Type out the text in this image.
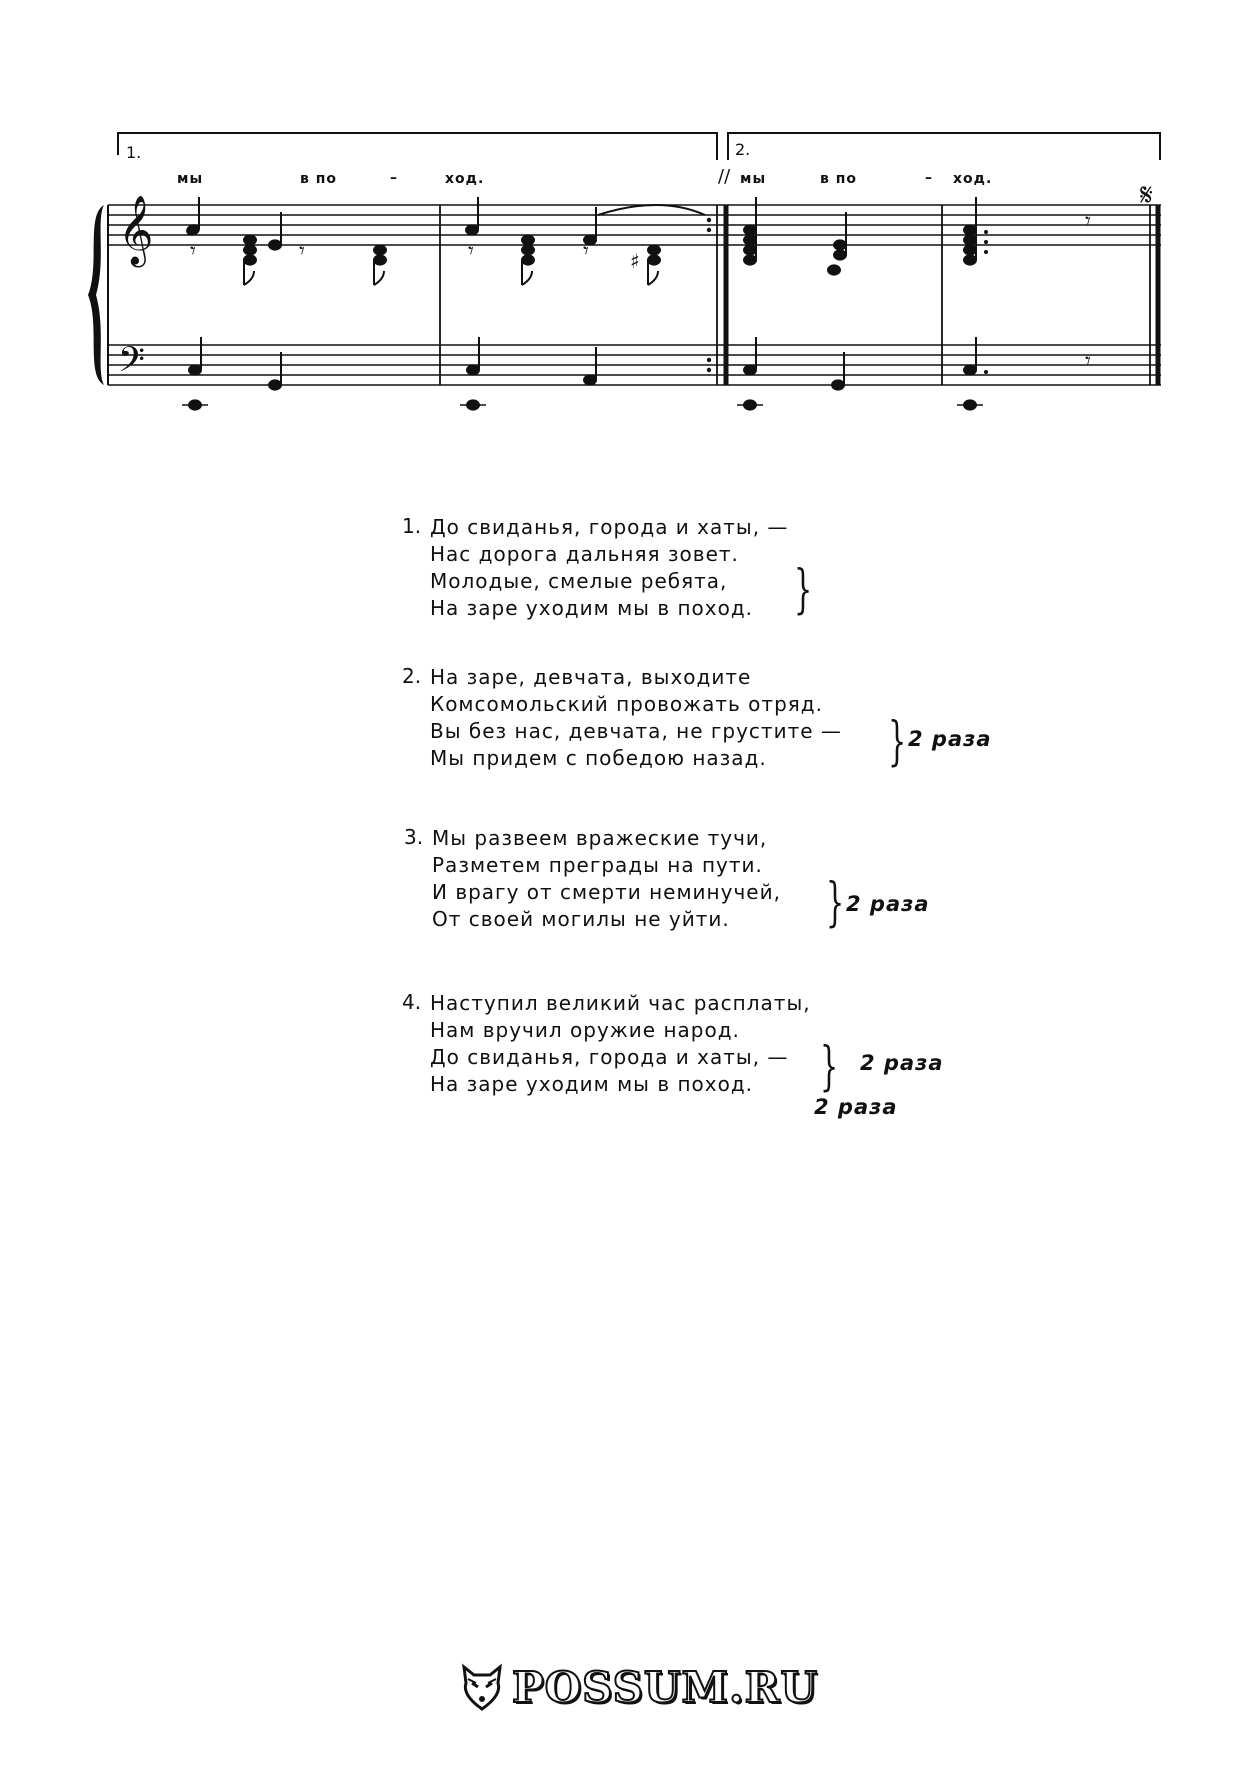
𝄞
𝄢
𝄾	𝄾	𝄾	𝄾 ♯
𝄾
𝄾
//
1.	2.
𝄋
мы	в по	–	ход.	мы	в по	– ход.
1. До свиданья, города и хаты, —
Нас дорога дальняя зовет.
Молодые, смелые ребята,
На заре уходим мы в поход. }
2 раза
2. На заре, девчата, выходите
Комсомольский провожать отряд.
Вы без нас, девчата, не грустите —
Мы придем с победою назад.	} 2 раза
3. Мы развеем вражеские тучи,
Разметем преграды на пути.
И врагу от смерти неминучей,
От своей могилы не уйти.	} 2 раза
4. Наступил великий час расплаты,
Нам вручил оружие народ.
До свиданья, города и хаты, —
На заре уходим мы в поход.	} 2 раза
POSSUM.RU
